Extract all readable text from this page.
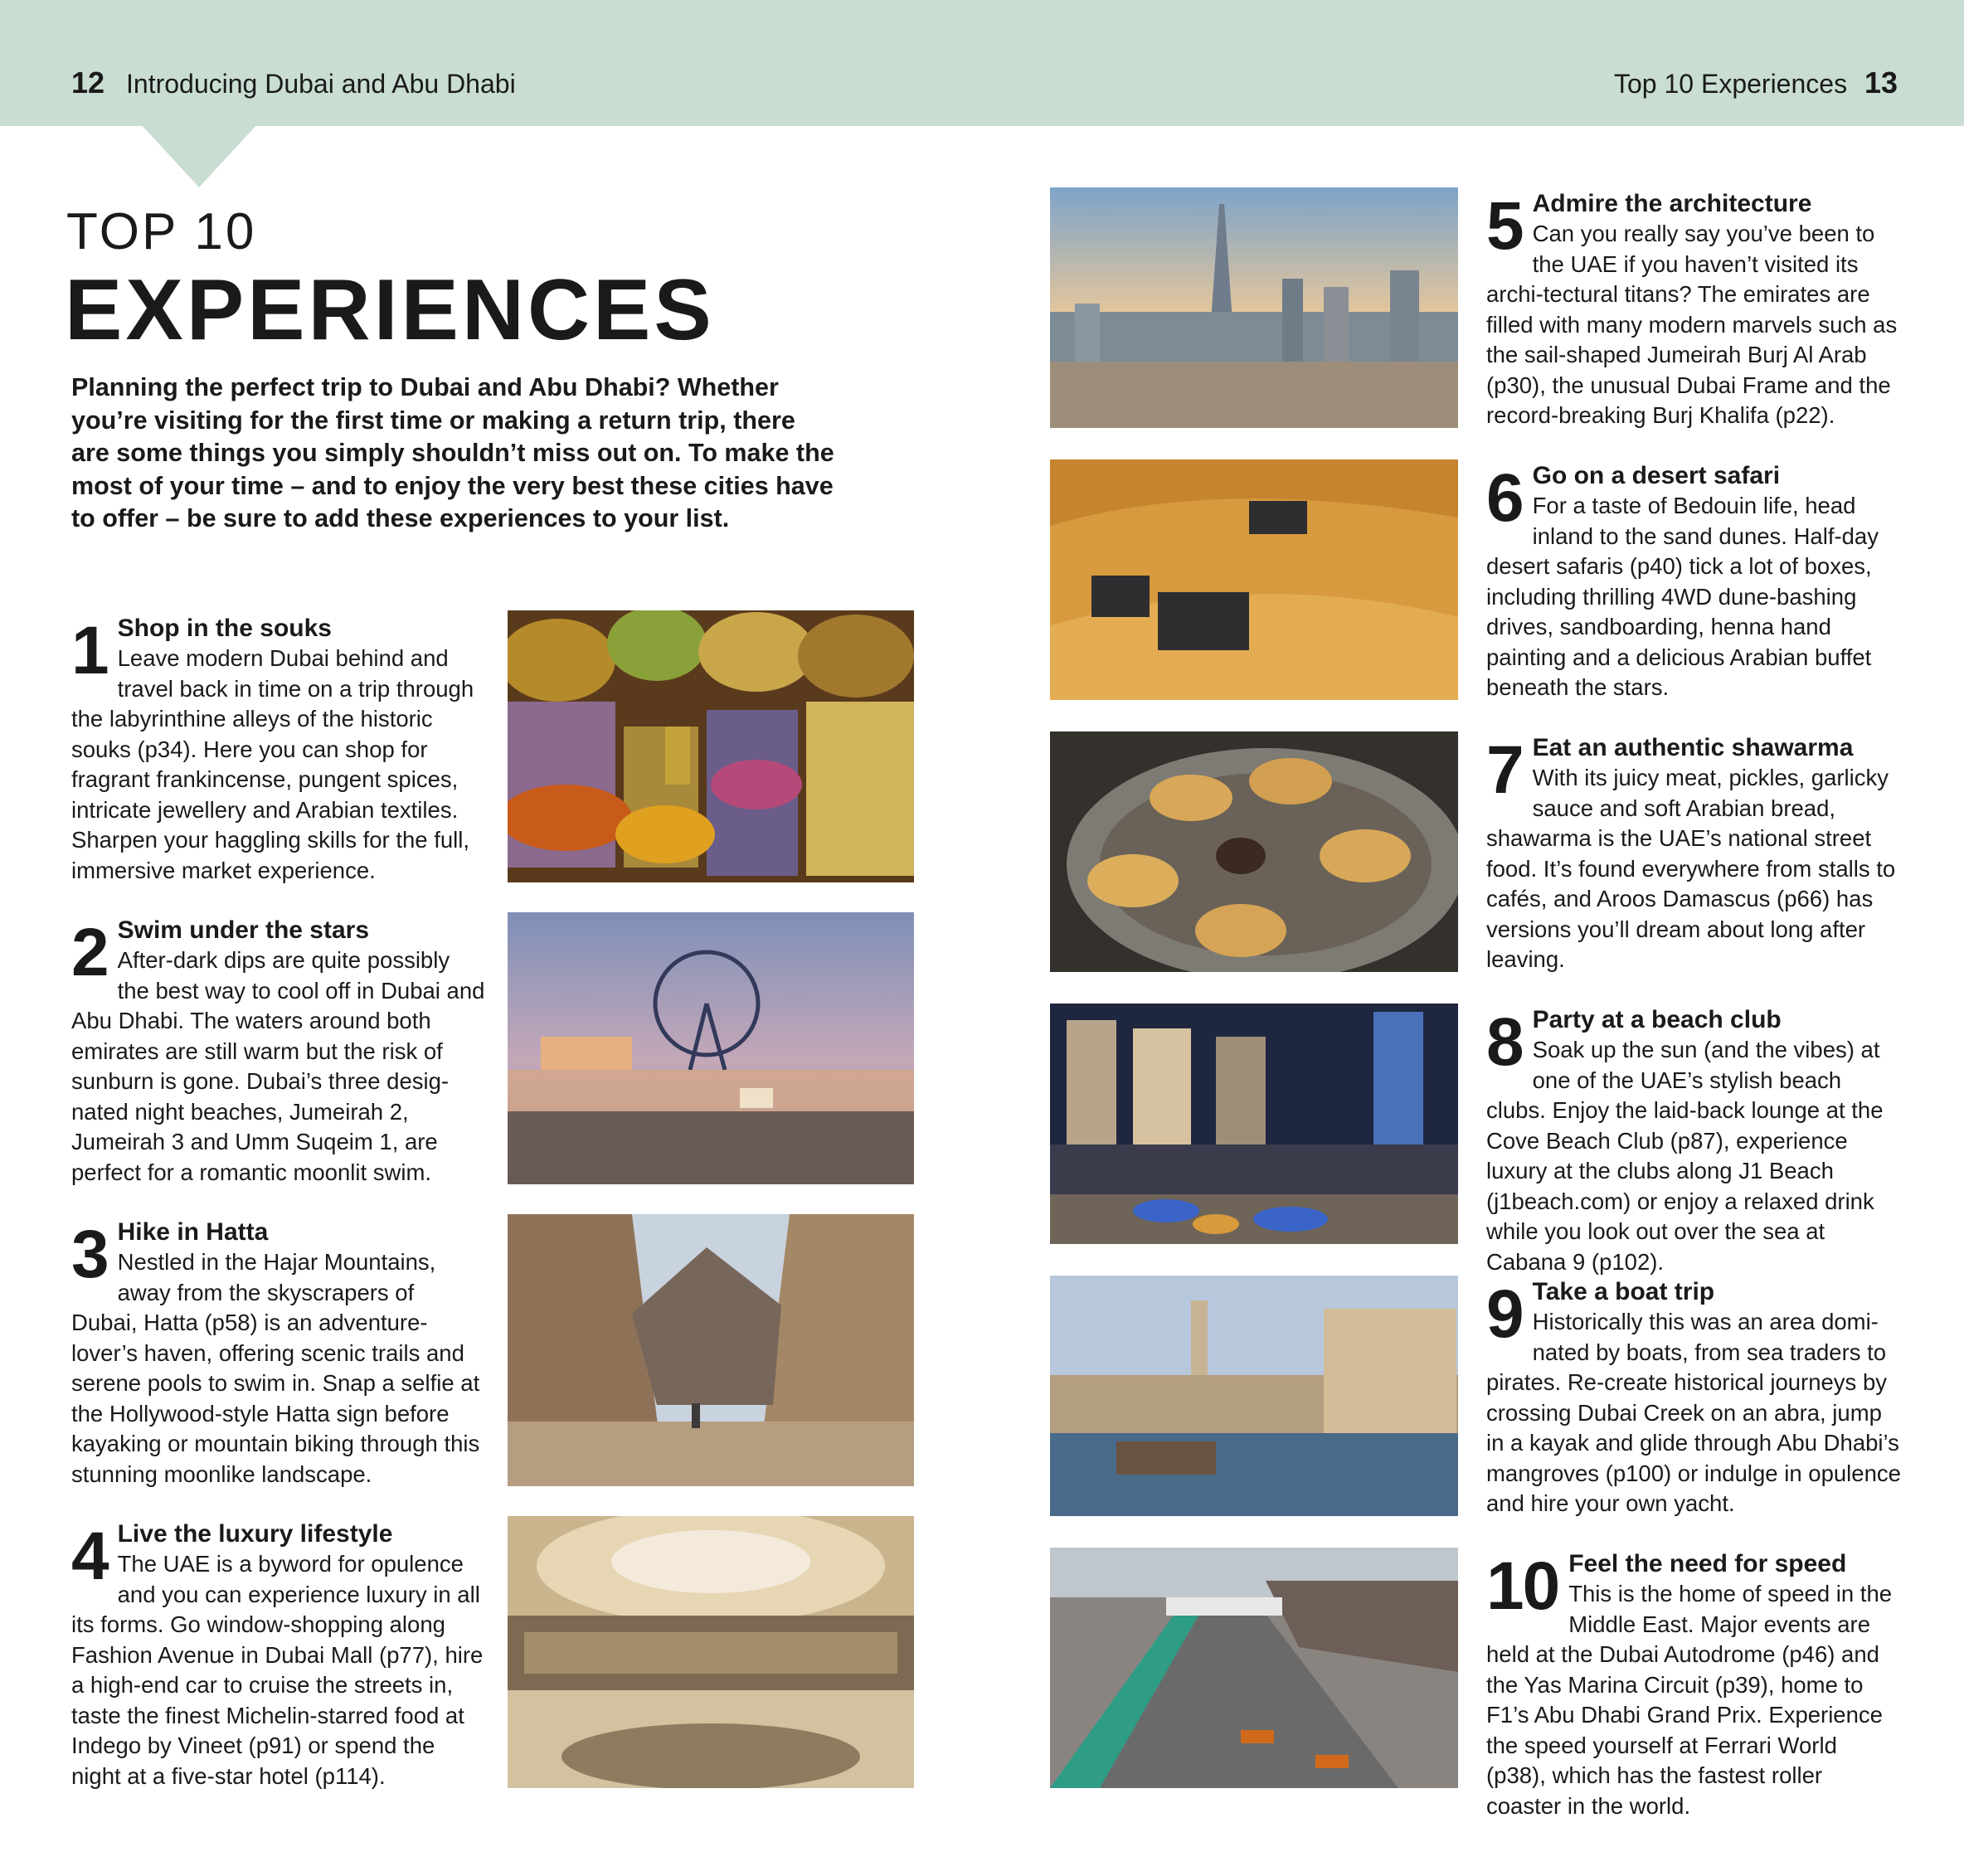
12 Introducing Dubai and Abu Dhabi	Top 10 Experiences 13
TOP 10
EXPERIENCES
Planning the perfect trip to Dubai and Abu Dhabi? Whether you’re visiting for the first time or making a return trip, there are some things you simply shouldn’t miss out on. To make the most of your time – and to enjoy the very best these cities have to offer – be sure to add these experiences to your list.
1 Shop in the souks
Leave modern Dubai behind and travel back in time on a trip through the labyrinthine alleys of the historic souks (p34). Here you can shop for fragrant frankincense, pungent spices, intricate jewellery and Arabian textiles. Sharpen your haggling skills for the full, immersive market experience.
2 Swim under the stars
After-dark dips are quite possibly the best way to cool off in Dubai and Abu Dhabi. The waters around both emirates are still warm but the risk of sunburn is gone. Dubai’s three desig-nated night beaches, Jumeirah 2, Jumeirah 3 and Umm Suqeim 1, are perfect for a romantic moonlit swim.
3 Hike in Hatta
Nestled in the Hajar Mountains, away from the skyscrapers of Dubai, Hatta (p58) is an adventure-lover’s haven, offering scenic trails and serene pools to swim in. Snap a selfie at the Hollywood-style Hatta sign before kayaking or mountain biking through this stunning moonlike landscape.
4 Live the luxury lifestyle
The UAE is a byword for opulence and you can experience luxury in all its forms. Go window-shopping along Fashion Avenue in Dubai Mall (p77), hire a high-end car to cruise the streets in, taste the finest Michelin-starred food at Indego by Vineet (p91) or spend the night at a five-star hotel (p114).
5 Admire the architecture
Can you really say you’ve been to the UAE if you haven’t visited its archi-tectural titans? The emirates are filled with many modern marvels such as the sail-shaped Jumeirah Burj Al Arab (p30), the unusual Dubai Frame and the record-breaking Burj Khalifa (p22).
6 Go on a desert safari
For a taste of Bedouin life, head inland to the sand dunes. Half-day desert safaris (p40) tick a lot of boxes, including thrilling 4WD dune-bashing drives, sandboarding, henna hand painting and a delicious Arabian buffet beneath the stars.
7 Eat an authentic shawarma
With its juicy meat, pickles, garlicky sauce and soft Arabian bread, shawarma is the UAE’s national street food. It’s found everywhere from stalls to cafés, and Aroos Damascus (p66) has versions you’ll dream about long after leaving.
8 Party at a beach club
Soak up the sun (and the vibes) at one of the UAE’s stylish beach clubs. Enjoy the laid-back lounge at the Cove Beach Club (p87), experience luxury at the clubs along J1 Beach (j1beach.com) or enjoy a relaxed drink while you look out over the sea at Cabana 9 (p102).
9 Take a boat trip
Historically this was an area domi-nated by boats, from sea traders to pirates. Re-create historical journeys by crossing Dubai Creek on an abra, jump in a kayak and glide through Abu Dhabi’s mangroves (p100) or indulge in opulence and hire your own yacht.
10 Feel the need for speed
This is the home of speed in the Middle East. Major events are held at the Dubai Autodrome (p46) and the Yas Marina Circuit (p39), home to F1’s Abu Dhabi Grand Prix. Experience the speed yourself at Ferrari World (p38), which has the fastest roller coaster in the world.
